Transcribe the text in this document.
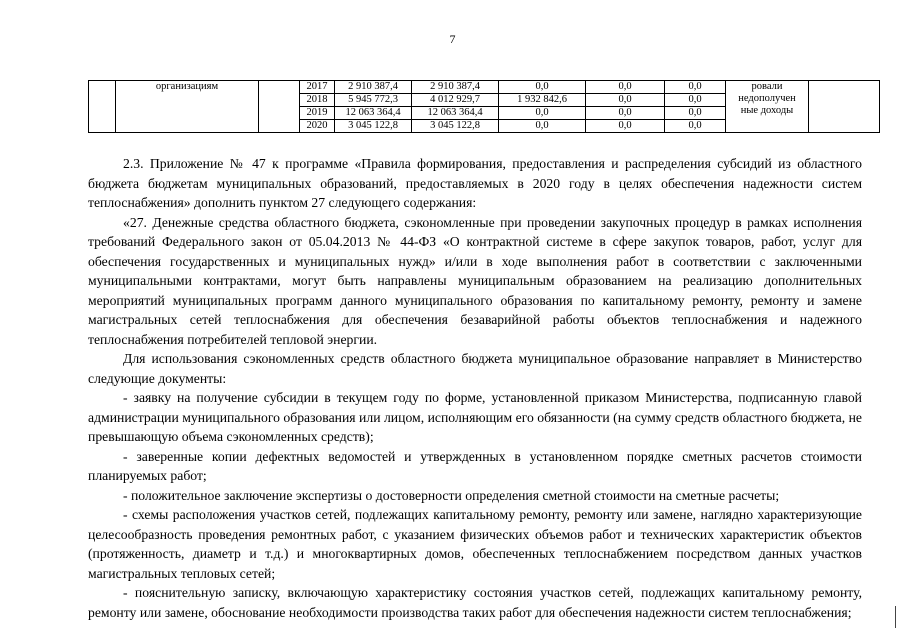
7
	организациям		2017	2 910 387,4	2 910 387,4	0,0	0,0	0,0	ровали
недополучен
ные доходы	

			2018	5 945 772,3	4 012 929,7	1 932 842,6	0,0	0,0		
			2019	12 063 364,4	12 063 364,4	0,0	0,0	0,0		
			2020	3 045 122,8	3 045 122,8	0,0	0,0	0,0		

2.3. Приложение № 47 к программе «Правила формирования, предоставления и распределения субсидий из областного бюджета бюджетам муниципальных образований, предоставляемых в 2020 году в целях обеспечения надежности систем теплоснабжения» дополнить пунктом 27 следующего содержания:

«27. Денежные средства областного бюджета, сэкономленные при проведении закупочных процедур в рамках исполнения требований Федерального закон от 05.04.2013 № 44-ФЗ «О контрактной системе в сфере закупок товаров, работ, услуг для обеспечения государственных и муниципальных нужд» и/или в ходе выполнения работ в соответствии с заключенными муниципальными контрактами, могут быть направлены муниципальным образованием на реализацию дополнительных мероприятий муниципальных программ данного муниципального образования по капитальному ремонту, ремонту и замене магистральных сетей теплоснабжения для обеспечения безаварийной работы объектов теплоснабжения и надежного теплоснабжения потребителей тепловой энергии.

Для использования сэкономленных средств областного бюджета муниципальное образование направляет в Министерство следующие документы:

- заявку на получение субсидии в текущем году по форме, установленной приказом Министерства, подписанную главой администрации муниципального образования или лицом, исполняющим его обязанности (на сумму средств областного бюджета, не превышающую объема сэкономленных средств);

- заверенные копии дефектных ведомостей и утвержденных в установленном порядке сметных расчетов стоимости планируемых работ;

- положительное заключение экспертизы о достоверности определения сметной стоимости на сметные расчеты;

- схемы расположения участков сетей, подлежащих капитальному ремонту, ремонту или замене, наглядно характеризующие целесообразность проведения ремонтных работ, с указанием физических объемов работ и технических характеристик объектов (протяженность, диаметр и т.д.) и многоквартирных домов, обеспеченных теплоснабжением посредством данных участков магистральных тепловых сетей;

- пояснительную записку, включающую характеристику состояния участков сетей, подлежащих капитальному ремонту, ремонту или замене, обоснование необходимости производства таких работ для обеспечения надежности систем теплоснабжения;
